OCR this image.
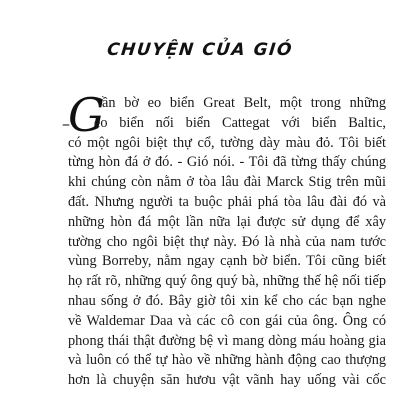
CHUYỆN CỦA GIÓ
–
G
ần bờ eo biển Great Belt, một trong những
eo biển nối biển Cattegat với biển Baltic,
có một ngôi biệt thự cổ, tường dày màu đỏ. Tôi biết
từng hòn đá ở đó. - Gió nói. - Tôi đã từng thấy chúng
khi chúng còn nằm ở tòa lâu đài Marck Stig trên mũi
đất. Nhưng người ta buộc phải phá tòa lâu đài đó và
những hòn đá một lần nữa lại được sử dụng để xây
tường cho ngôi biệt thự này. Đó là nhà của nam tước
vùng Borreby, nằm ngay cạnh bờ biển. Tôi cũng biết
họ rất rõ, những quý ông quý bà, những thế hệ nối tiếp
nhau sống ở đó. Bây giờ tôi xin kể cho các bạn nghe
về Waldemar Daa và các cô con gái của ông. Ông có
phong thái thật đường bệ vì mang dòng máu hoàng gia
và luôn có thể tự hào về những hành động cao thượng
hơn là chuyện săn hươu vật vãnh hay uống vài cốc
